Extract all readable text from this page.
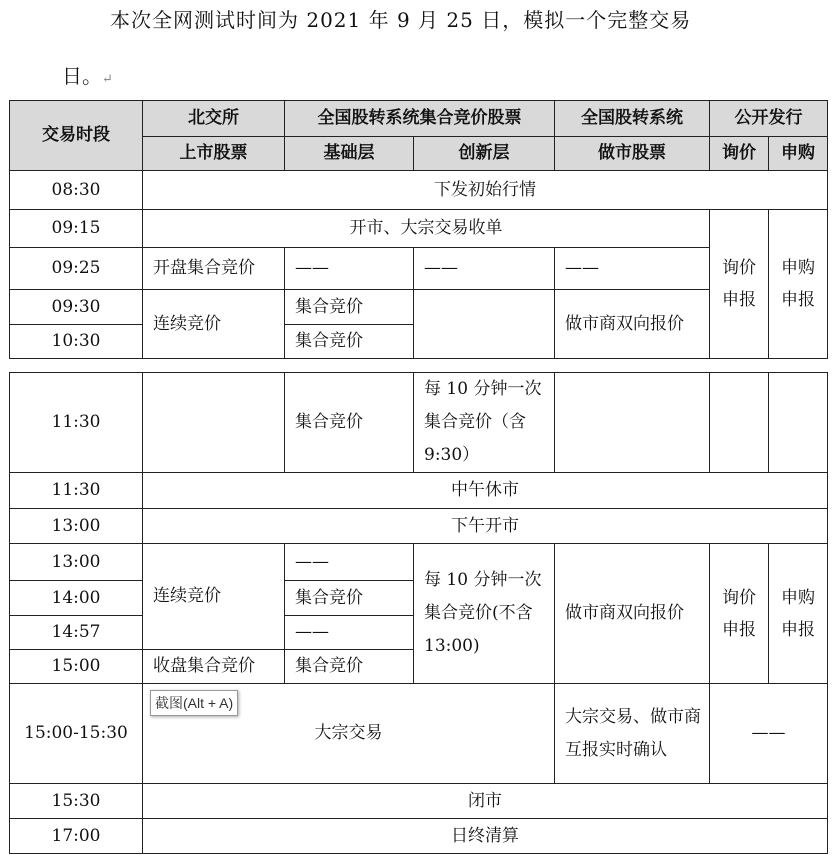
本次全网测试时间为 2021 年 9 月 25 日，模拟一个完整交易
日。↵
交易时段	北交所	全国股转系统集合竞价股票		全国股转系统	公开发行	
	上市股票	基础层	创新层	做市股票	询价	申购
08:30	下发初始行情					
09:15	开市、大宗交易收单				询价申报	申购申报

09:25	开盘集合竞价	——	——	——		
09:30	连续竞价	集合竞价		做市商双向报价		
10:30		集合竞价				
11:30		集合竞价	每 10 分钟一次集合竞价（含 9:30）			
11:30	中午休市					
13:00	下午开市					
13:00	连续竞价	——	每 10 分钟一次集合竞价(不含 13:00)	做市商双向报价	询价申报	申购申报

14:00		集合竞价				
14:57		——				
15:00	收盘集合竞价	集合竞价				
15:00-15:30	大宗交易			大宗交易、做市商互报实时确认	——	
15:30	闭市					
17:00	日终清算					
截图(Alt + A)
